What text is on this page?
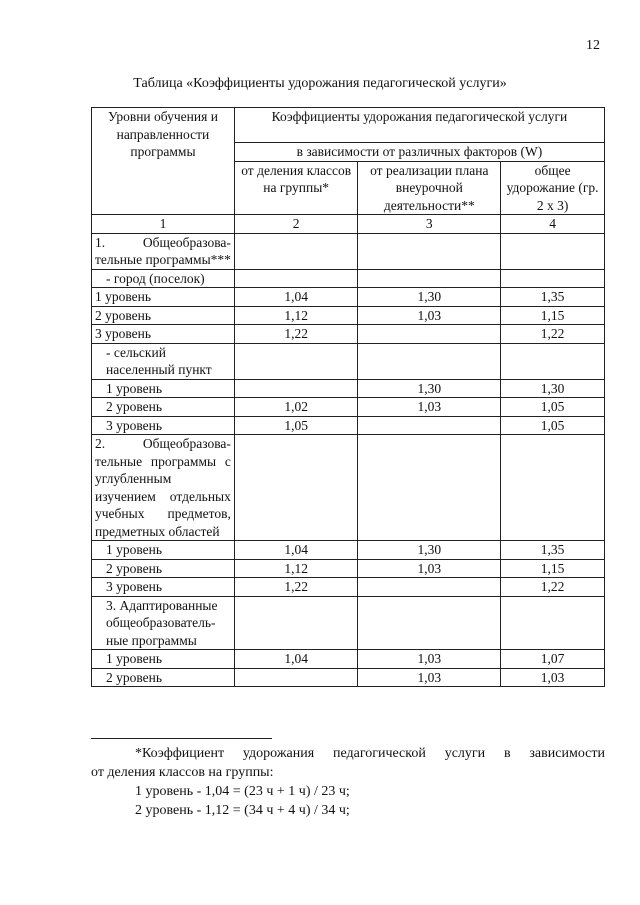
12
Таблица «Коэффициенты удорожания педагогической услуги»
Уровни обучения и направленности программы	Коэффициенты удорожания педагогической услуги		
	в зависимости от различных факторов (W)		
	от деления классов на группы*	от реализации плана внеурочной деятельности**	общее удорожание (гр. 2 х 3)
1	2	3	4
1. Общеобразова-тельные программы***			
- город (поселок)			
1 уровень	1,04	1,30	1,35
2 уровень	1,12	1,03	1,15
3 уровень	1,22		1,22
- сельский населенный пункт			
1 уровень		1,30	1,30
2 уровень	1,02	1,03	1,05
3 уровень	1,05		1,05
2. Общеобразова-тельные программы с углубленным изучением отдельных учебных предметов, предметных областей			
1 уровень	1,04	1,30	1,35
2 уровень	1,12	1,03	1,15
3 уровень	1,22		1,22
3. Адаптированные общеобразователь-ные программы			
1 уровень	1,04	1,03	1,07
2 уровень		1,03	1,03
*Коэффициент удорожания педагогической услуги в зависимости
от деления классов на группы:
1 уровень - 1,04 = (23 ч + 1 ч) / 23 ч;
2 уровень - 1,12 = (34 ч + 4 ч) / 34 ч;
